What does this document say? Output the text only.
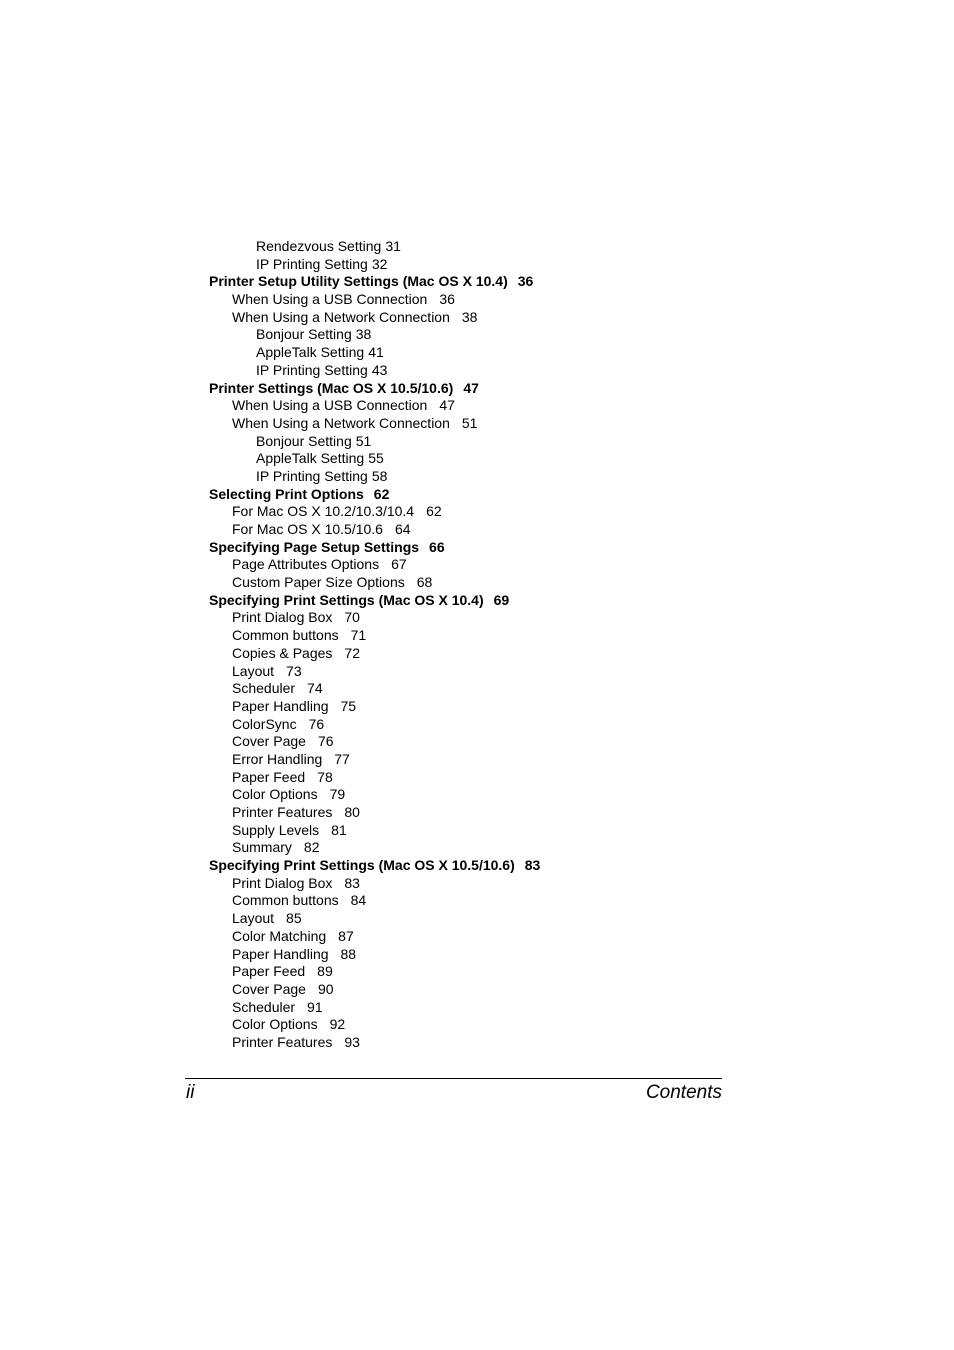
Rendezvous Setting 31
IP Printing Setting 32
Printer Setup Utility Settings (Mac OS X 10.4) 36
When Using a USB Connection 36
When Using a Network Connection 38
Bonjour Setting 38
AppleTalk Setting 41
IP Printing Setting 43
Printer Settings (Mac OS X 10.5/10.6) 47
When Using a USB Connection 47
When Using a Network Connection 51
Bonjour Setting 51
AppleTalk Setting 55
IP Printing Setting 58
Selecting Print Options 62
For Mac OS X 10.2/10.3/10.4 62
For Mac OS X 10.5/10.6 64
Specifying Page Setup Settings 66
Page Attributes Options 67
Custom Paper Size Options 68
Specifying Print Settings (Mac OS X 10.4) 69
Print Dialog Box 70
Common buttons 71
Copies & Pages 72
Layout 73
Scheduler 74
Paper Handling 75
ColorSync 76
Cover Page 76
Error Handling 77
Paper Feed 78
Color Options 79
Printer Features 80
Supply Levels 81
Summary 82
Specifying Print Settings (Mac OS X 10.5/10.6) 83
Print Dialog Box 83
Common buttons 84
Layout 85
Color Matching 87
Paper Handling 88
Paper Feed 89
Cover Page 90
Scheduler 91
Color Options 92
Printer Features 93
ii	Contents
